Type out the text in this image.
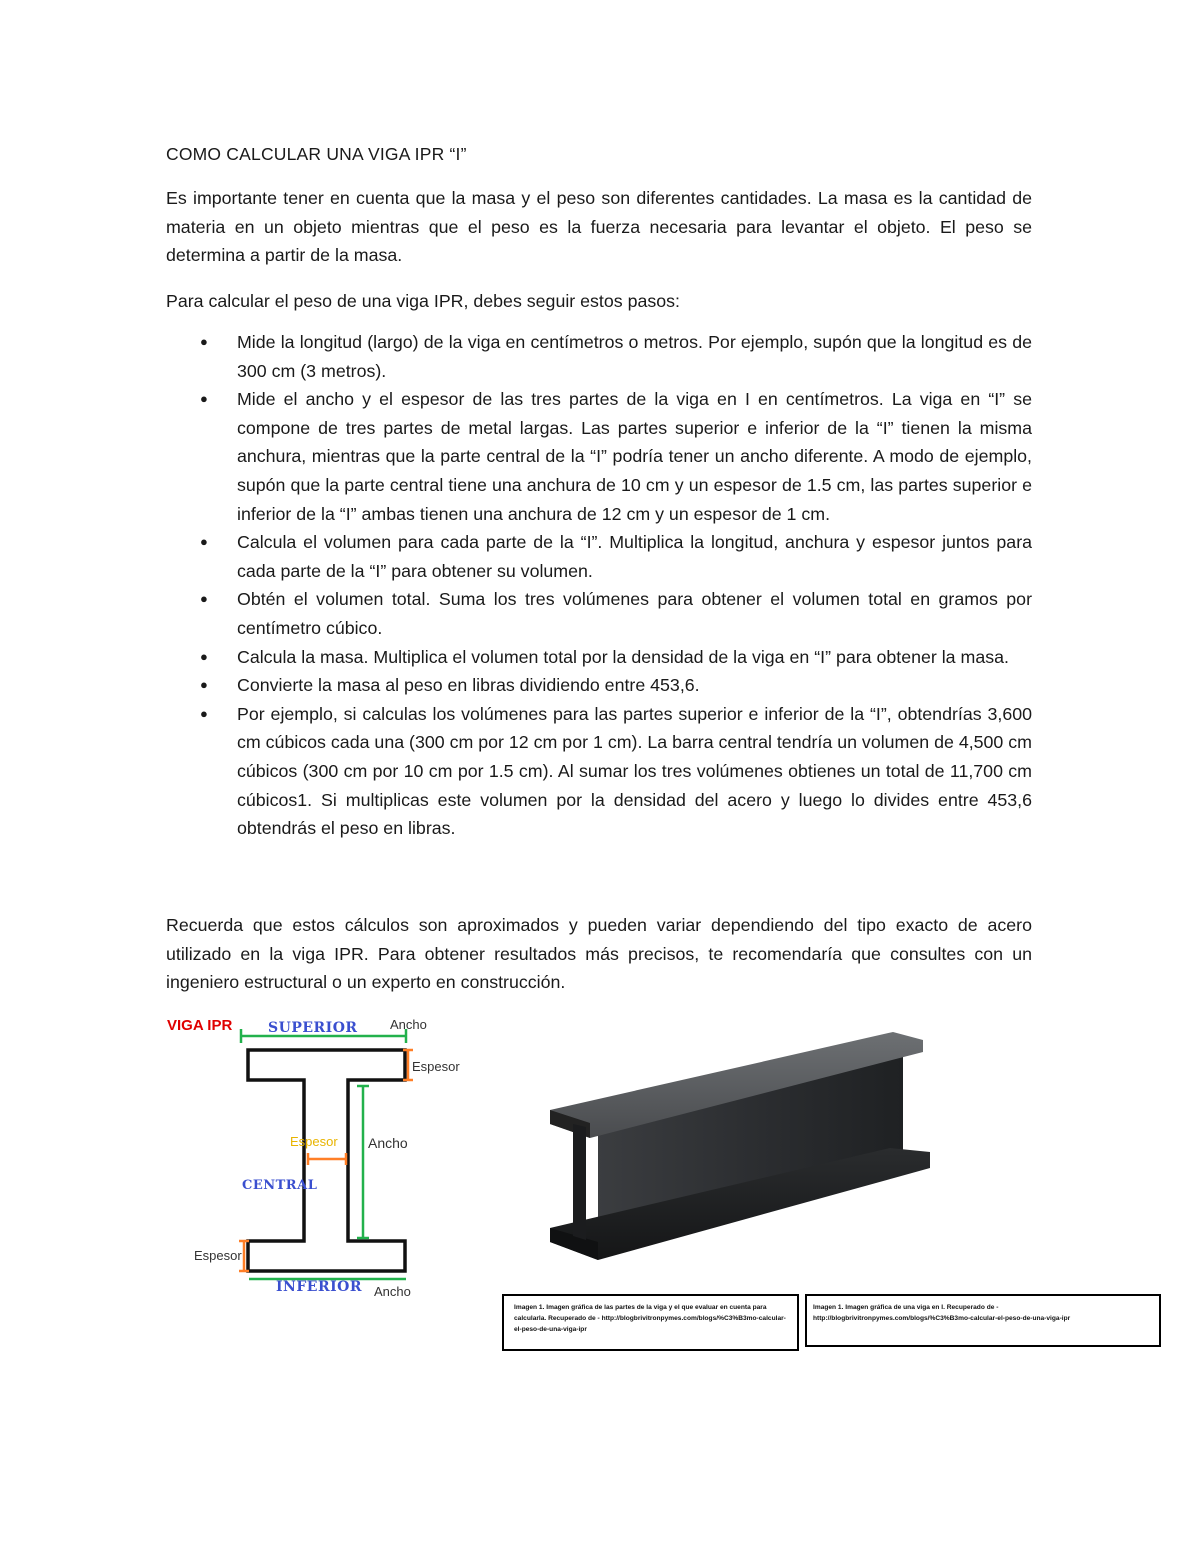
COMO CALCULAR UNA VIGA IPR “I”
Es importante tener en cuenta que la masa y el peso son diferentes cantidades. La masa es la cantidad de materia en un objeto mientras que el peso es la fuerza necesaria para levantar el objeto. El peso se determina a partir de la masa.
Para calcular el peso de una viga IPR, debes seguir estos pasos:
● Mide la longitud (largo) de la viga en centímetros o metros. Por ejemplo, supón que la longitud es de 300 cm (3 metros).
● Mide el ancho y el espesor de las tres partes de la viga en I en centímetros. La viga en “I” se compone de tres partes de metal largas. Las partes superior e inferior de la “I” tienen la misma anchura, mientras que la parte central de la “I” podría tener un ancho diferente. A modo de ejemplo, supón que la parte central tiene una anchura de 10 cm y un espesor de 1.5 cm, las partes superior e inferior de la “I” ambas tienen una anchura de 12 cm y un espesor de 1 cm.
● Calcula el volumen para cada parte de la “I”. Multiplica la longitud, anchura y espesor juntos para cada parte de la “I” para obtener su volumen.
● Obtén el volumen total. Suma los tres volúmenes para obtener el volumen total en gramos por centímetro cúbico.
● Calcula la masa. Multiplica el volumen total por la densidad de la viga en “I” para obtener la masa.
● Convierte la masa al peso en libras dividiendo entre 453,6.
● Por ejemplo, si calculas los volúmenes para las partes superior e inferior de la “I”, obtendrías 3,600 cm cúbicos cada una (300 cm por 12 cm por 1 cm). La barra central tendría un volumen de 4,500 cm cúbicos (300 cm por 10 cm por 1.5 cm). Al sumar los tres volúmenes obtienes un total de 11,700 cm cúbicos1. Si multiplicas este volumen por la densidad del acero y luego lo divides entre 453,6 obtendrás el peso en libras.
Recuerda que estos cálculos son aproximados y pueden variar dependiendo del tipo exacto de acero utilizado en la viga IPR. Para obtener resultados más precisos, te recomendaría que consultes con un ingeniero estructural o un experto en construcción.
VIGA IPR	SUPERIOR
CENTRAL
INFERIOR
Ancho
Ancho
Ancho
Espesor
Espesor
Espesor
Imagen 1. Imagen gráfica de las partes de la viga y el que evaluar en cuenta para calcularla. Recuperado de - http://blogbrivitronpymes.com/blogs/%C3%B3mo-calcular-el-peso-de-una-viga-ipr
Imagen 1. Imagen gráfica de una viga en I. Recuperado de - http://blogbrivitronpymes.com/blogs/%C3%B3mo-calcular-el-peso-de-una-viga-ipr
